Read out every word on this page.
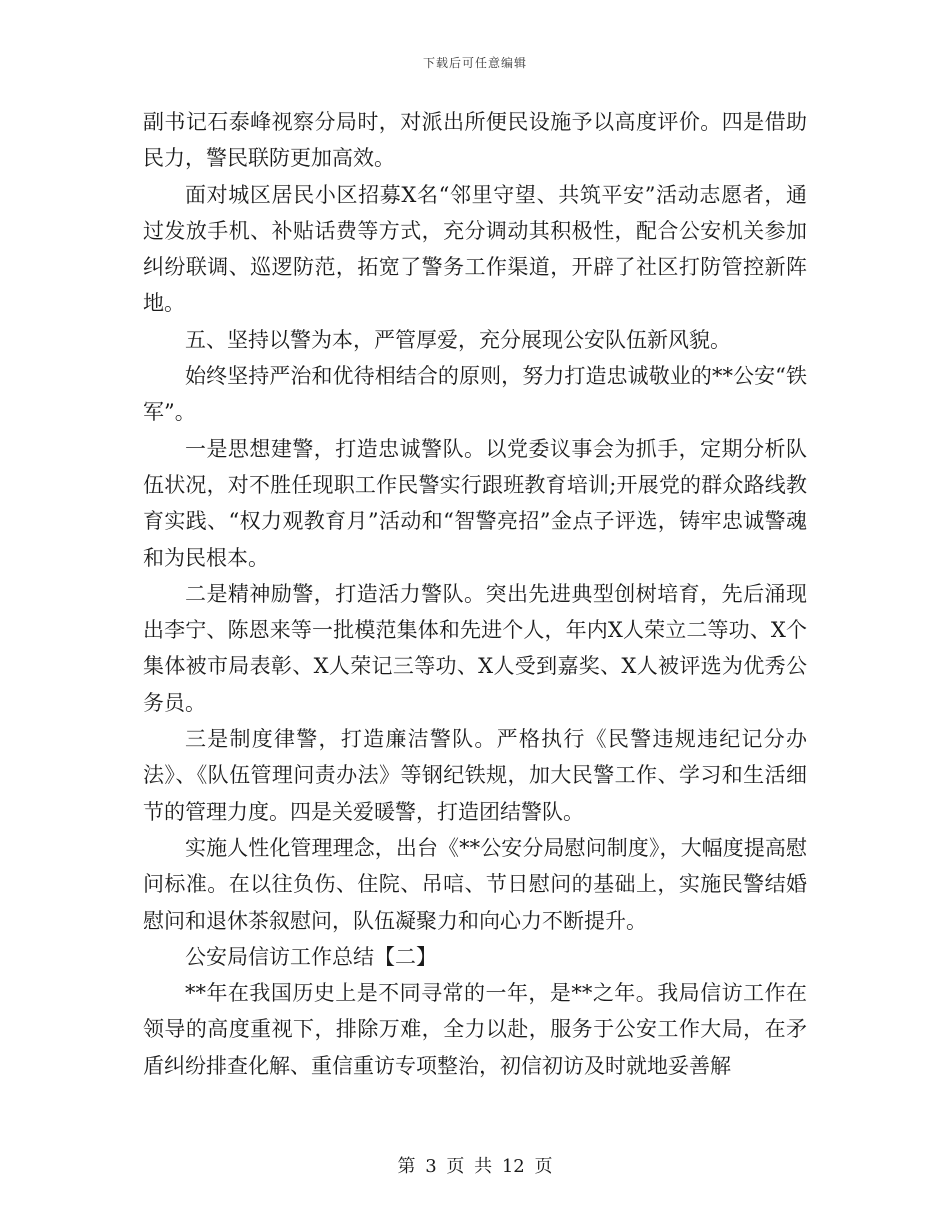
下载后可任意编辑

副书记石泰峰视察分局时，对派出所便民设施予以高度评价。四是借助民力，警民联防更加高效。

面对城区居民小区招募X名“邻里守望、共筑平安”活动志愿者，通过发放手机、补贴话费等方式，充分调动其积极性，配合公安机关参加纠纷联调、巡逻防范，拓宽了警务工作渠道，开辟了社区打防管控新阵地。

五、坚持以警为本，严管厚爱，充分展现公安队伍新风貌。

始终坚持严治和优待相结合的原则，努力打造忠诚敬业的**公安“铁军”。

一是思想建警，打造忠诚警队。以党委议事会为抓手，定期分析队伍状况，对不胜任现职工作民警实行跟班教育培训;开展党的群众路线教育实践、“权力观教育月”活动和“智警亮招”金点子评选，铸牢忠诚警魂和为民根本。

二是精神励警，打造活力警队。突出先进典型创树培育，先后涌现出李宁、陈恩来等一批模范集体和先进个人，年内X人荣立二等功、X个集体被市局表彰、X人荣记三等功、X人受到嘉奖、X人被评选为优秀公务员。

三是制度律警，打造廉洁警队。严格执行《民警违规违纪记分办法》、《队伍管理问责办法》等钢纪铁规，加大民警工作、学习和生活细节的管理力度。四是关爱暖警，打造团结警队。

实施人性化管理理念，出台《**公安分局慰问制度》，大幅度提高慰问标准。在以往负伤、住院、吊唁、节日慰问的基础上，实施民警结婚慰问和退休茶叙慰问，队伍凝聚力和向心力不断提升。

公安局信访工作总结【二】

**年在我国历史上是不同寻常的一年，是**之年。我局信访工作在领导的高度重视下，排除万难，全力以赴，服务于公安工作大局，在矛盾纠纷排查化解、重信重访专项整治，初信初访及时就地妥善解

第 3 页 共 12 页
